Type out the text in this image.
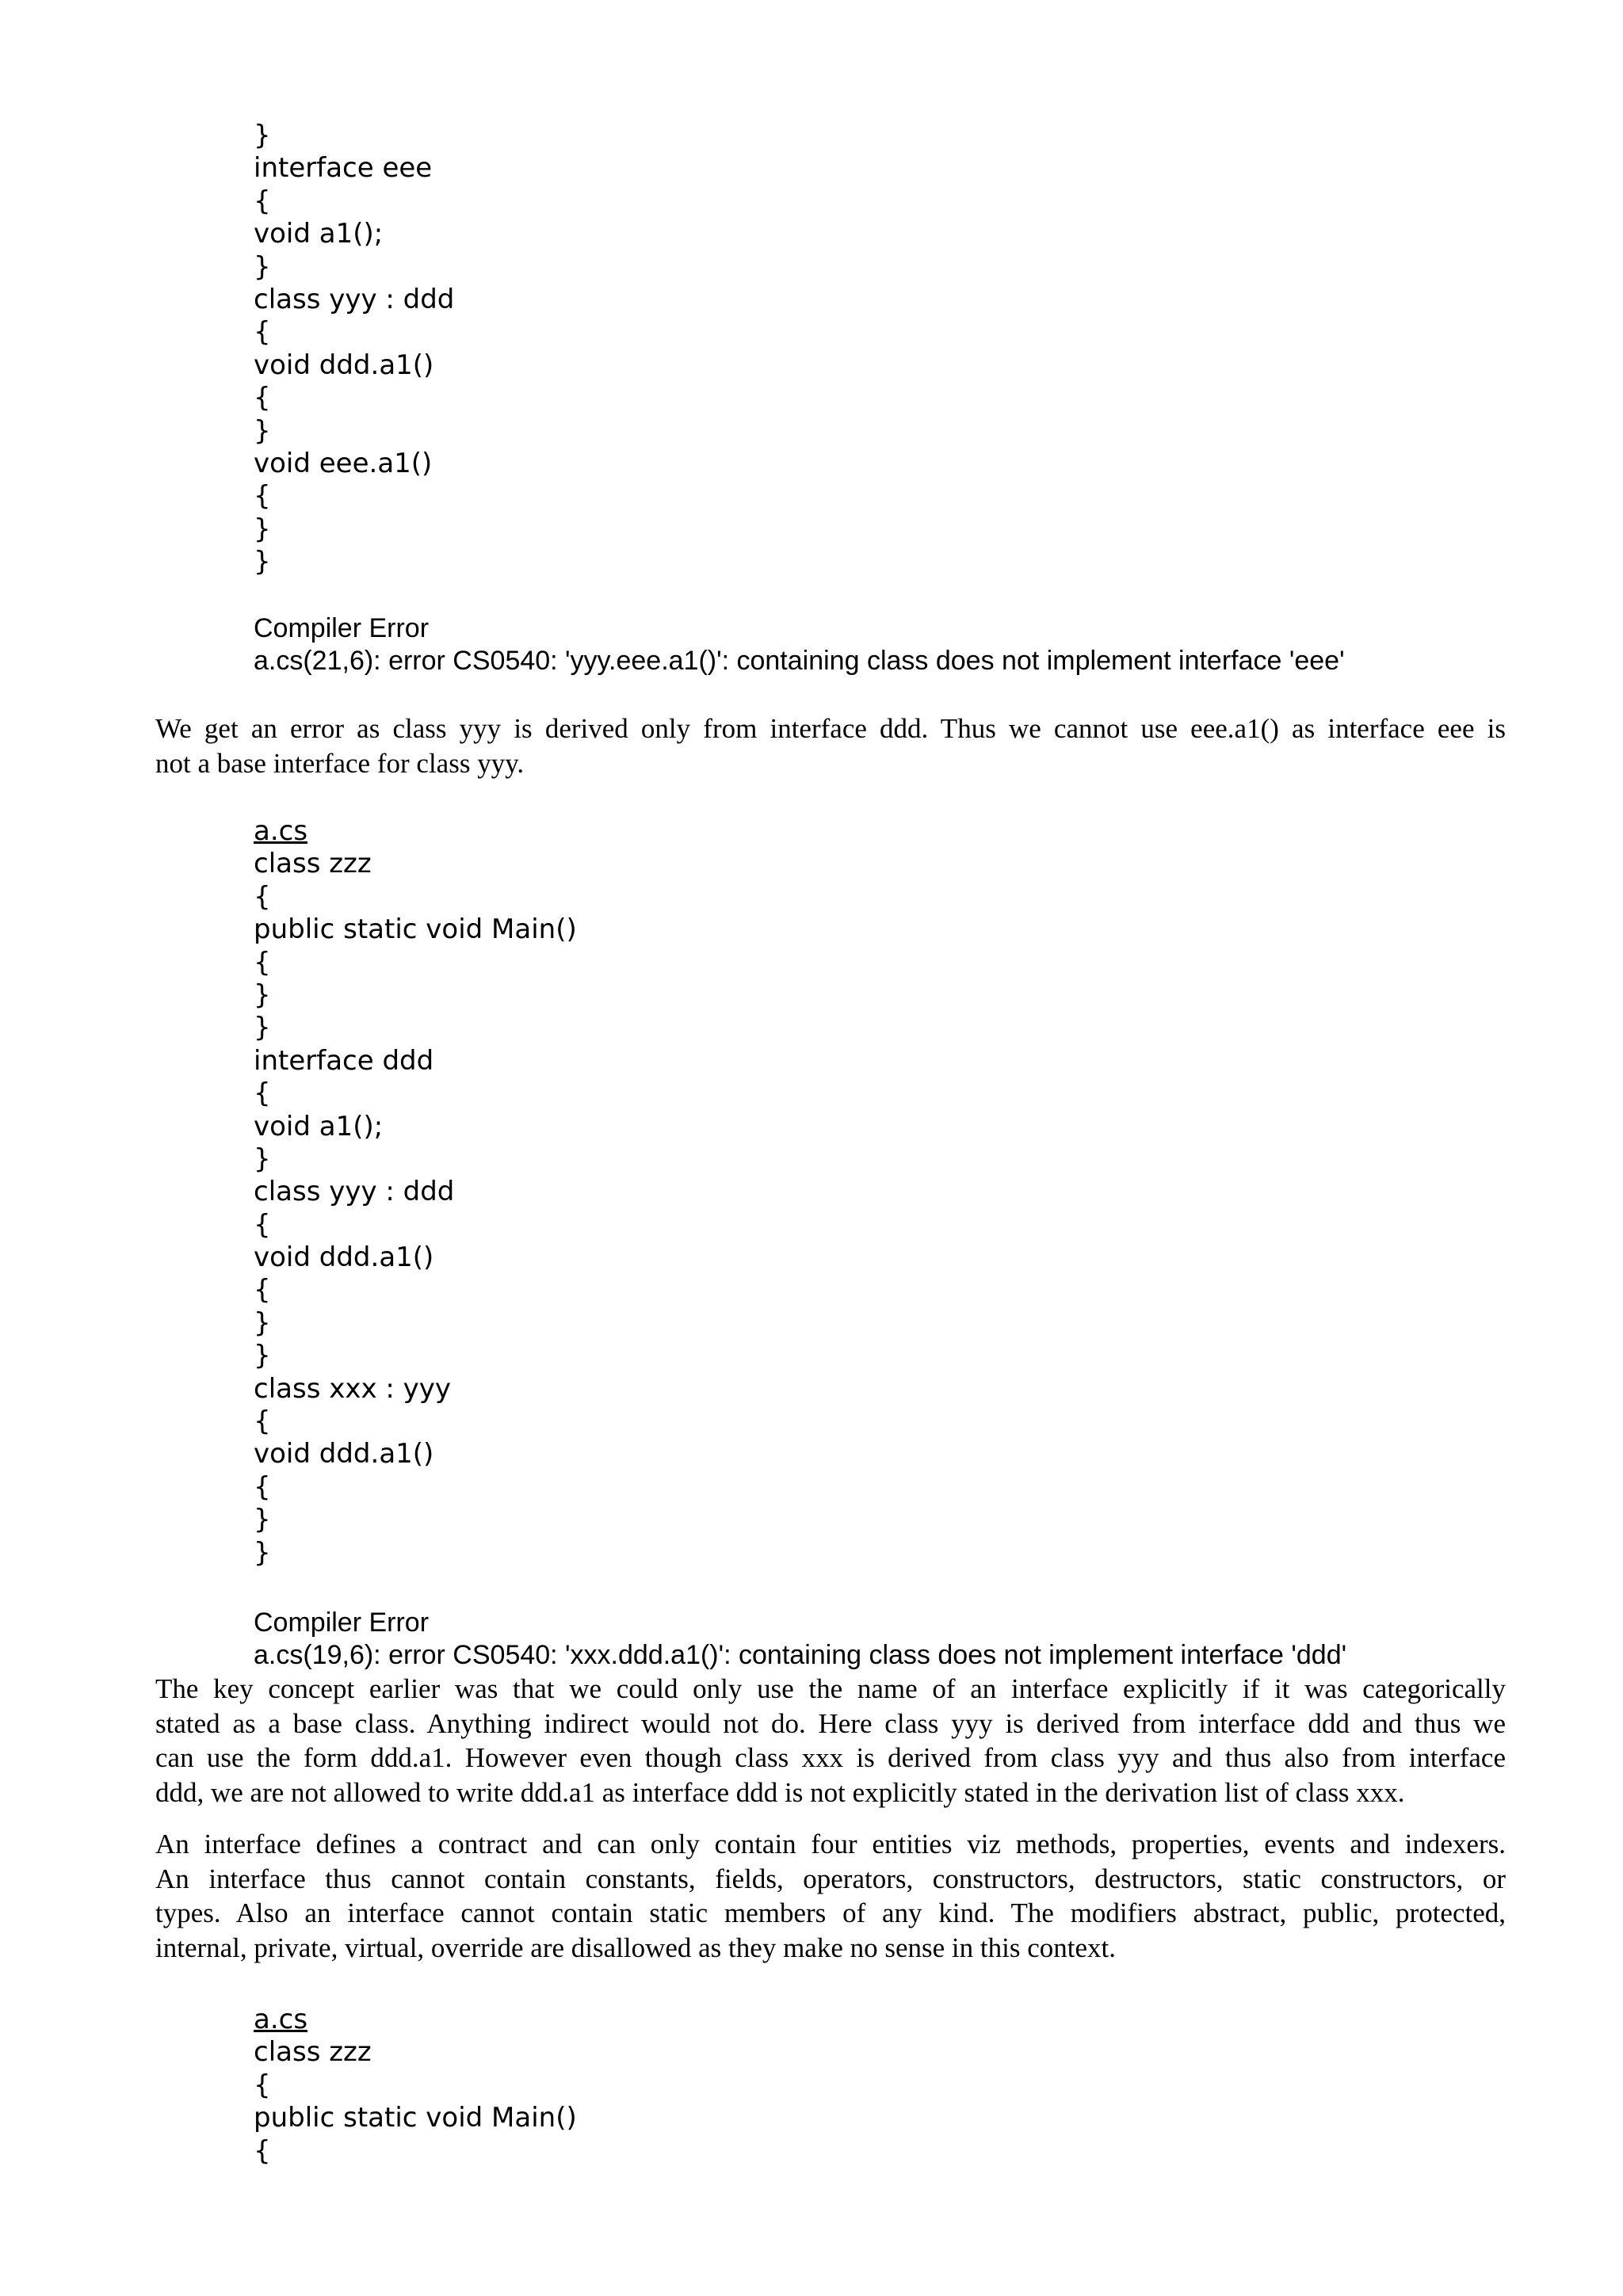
}
interface eee
{
void a1();
}
class yyy : ddd
{
void ddd.a1()
{
}
void eee.a1()
{
}
}
Compiler Error
a.cs(21,6): error CS0540: 'yyy.eee.a1()': containing class does not implement interface 'eee'
We get an error as class yyy is derived only from interface ddd. Thus we cannot use eee.a1() as interface eee is
not a base interface for class yyy.
a.cs
class zzz
{
public static void Main()
{
}
}
interface ddd
{
void a1();
}
class yyy : ddd
{
void ddd.a1()
{
}
}
class xxx : yyy
{
void ddd.a1()
{
}
}
Compiler Error
a.cs(19,6): error CS0540: 'xxx.ddd.a1()': containing class does not implement interface 'ddd'
The key concept earlier was that we could only use the name of an interface explicitly if it was categorically
stated as a base class. Anything indirect would not do. Here class yyy is derived from interface ddd and thus we
can use the form ddd.a1. However even though class xxx is derived from class yyy and thus also from interface
ddd, we are not allowed to write ddd.a1 as interface ddd is not explicitly stated in the derivation list of class xxx.
An interface defines a contract and can only contain four entities viz methods, properties, events and indexers.
An interface thus cannot contain constants, fields, operators, constructors, destructors, static constructors, or
types. Also an interface cannot contain static members of any kind. The modifiers abstract, public, protected,
internal, private, virtual, override are disallowed as they make no sense in this context.
a.cs
class zzz
{
public static void Main()
{
